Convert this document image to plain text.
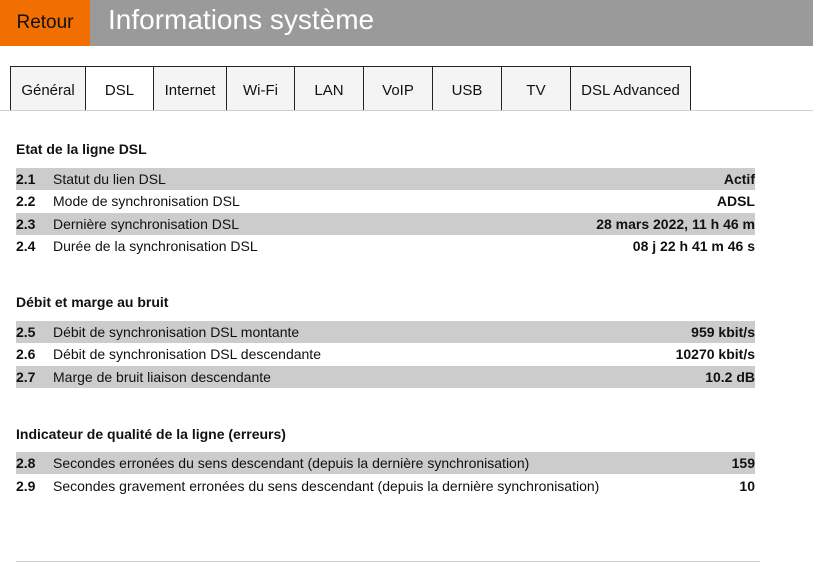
Retour	Informations système
Général	DSL	Internet	Wi-Fi	LAN	VoIP	USB	TV	DSL Advanced
Etat de la ligne DSL
2.1	Statut du lien DSL	Actif
2.2	Mode de synchronisation DSL	ADSL
2.3	Dernière synchronisation DSL	28 mars 2022, 11 h 46 m
2.4	Durée de la synchronisation DSL	08 j 22 h 41 m 46 s
Débit et marge au bruit
2.5	Débit de synchronisation DSL montante	959 kbit/s
2.6	Débit de synchronisation DSL descendante	10270 kbit/s
2.7	Marge de bruit liaison descendante	10.2 dB
Indicateur de qualité de la ligne (erreurs)
2.8	Secondes erronées du sens descendant (depuis la dernière synchronisation)	159
2.9	Secondes gravement erronées du sens descendant (depuis la dernière synchronisation)	10
